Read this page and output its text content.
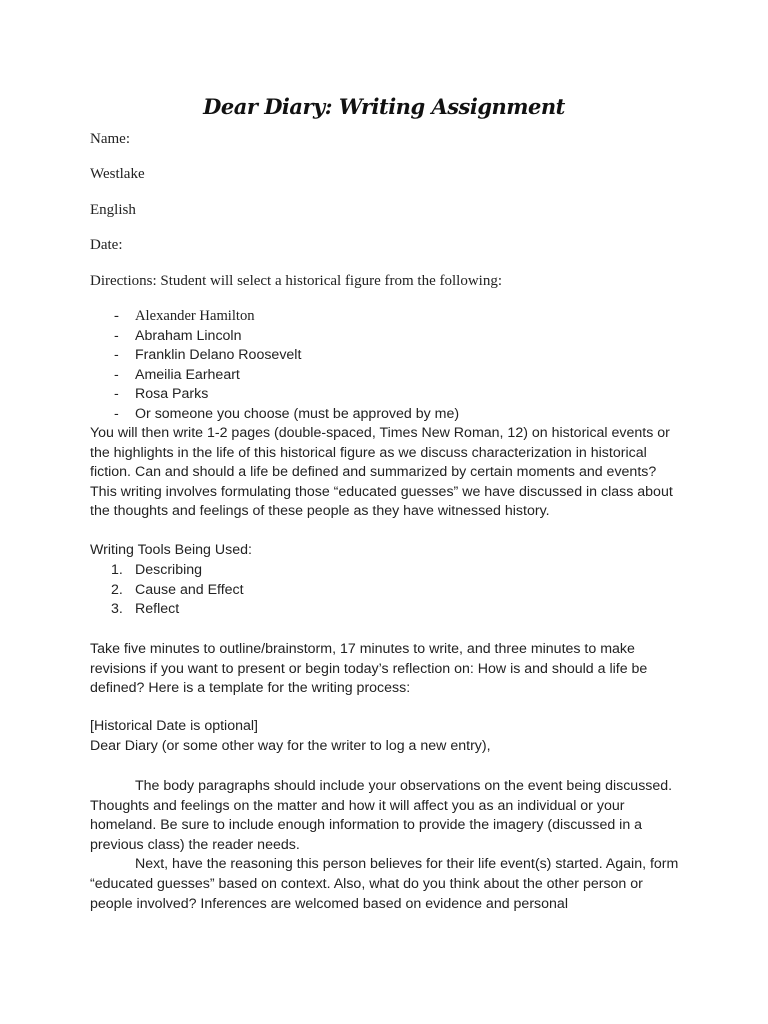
Dear Diary: Writing Assignment
Name:
Westlake
English
Date:
Directions: Student will select a historical figure from the following:
- Alexander Hamilton
- Abraham Lincoln
- Franklin Delano Roosevelt
- Ameilia Earheart
- Rosa Parks
- Or someone you choose (must be approved by me)
You will then write 1-2 pages (double-spaced, Times New Roman, 12) on historical events or the highlights in the life of this historical figure as we discuss characterization in historical fiction. Can and should a life be defined and summarized by certain moments and events? This writing involves formulating those “educated guesses” we have discussed in class about the thoughts and feelings of these people as they have witnessed history.
Writing Tools Being Used:
1. Describing
2. Cause and Effect
3. Reflect
Take five minutes to outline/brainstorm, 17 minutes to write, and three minutes to make revisions if you want to present or begin today’s reflection on: How is and should a life be defined? Here is a template for the writing process:
[Historical Date is optional]
Dear Diary (or some other way for the writer to log a new entry),

The body paragraphs should include your observations on the event being discussed. Thoughts and feelings on the matter and how it will affect you as an individual or your homeland. Be sure to include enough information to provide the imagery (discussed in a previous class) the reader needs.

Next, have the reasoning this person believes for their life event(s) started. Again, form “educated guesses” based on context. Also, what do you think about the other person or people involved? Inferences are welcomed based on evidence and personal
